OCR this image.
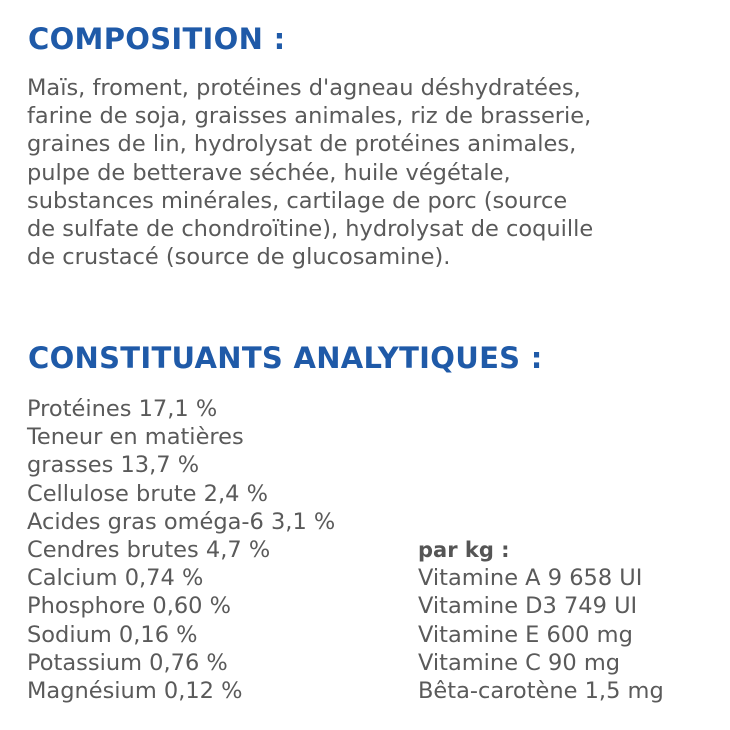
COMPOSITION :

Maïs, froment, protéines d'agneau déshydratées,
farine de soja, graisses animales, riz de brasserie,
graines de lin, hydrolysat de protéines animales,
pulpe de betterave séchée, huile végétale,
substances minérales, cartilage de porc (source
de sulfate de chondroïtine), hydrolysat de coquille
de crustacé (source de glucosamine).

CONSTITUANTS ANALYTIQUES :
Protéines 17,1 %
Teneur en matières
grasses 13,7 %
Cellulose brute 2,4 %
Acides gras oméga-6 3,1 %
Cendres brutes 4,7 %
Calcium 0,74 %
Phosphore 0,60 %
Sodium 0,16 %
Potassium 0,76 %
Magnésium 0,12 %
par kg :
Vitamine A 9 658 UI
Vitamine D3 749 UI
Vitamine E 600 mg
Vitamine C 90 mg
Bêta-carotène 1,5 mg
